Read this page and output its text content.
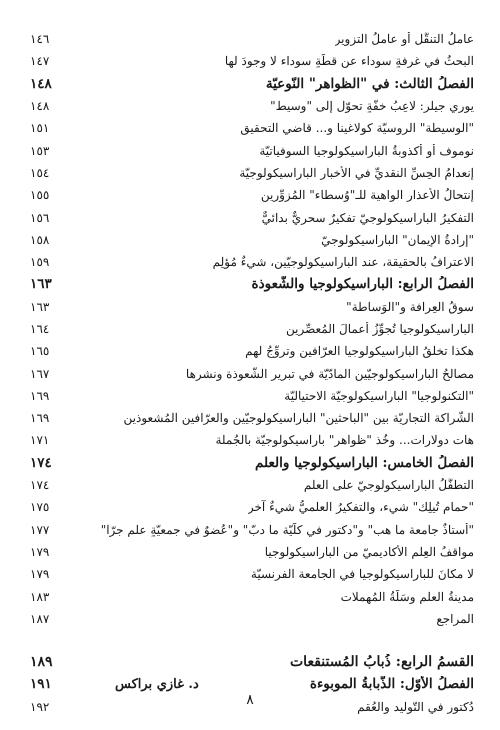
عاملُ التنقُّل أو عاملُ التزوير
١٤٦
البحثُ في غرفةٍ سوداء عن قطّةٍ سوداء لا وجودَ لها
١٤٧
الفصلُ الثالث: في "الظواهر" النّوعيّة
١٤٨
يوري جيلر: لاعِبُ خفّةٍ تحوّل إلى "وسيط"
١٤٨
"الوسيطة" الروسيّة كولاغينا و... قاضي التحقيق
١٥١
نوموف أو أكذوبةُ الباراسيكولوجيا السوفياتيّة
١٥٣
إنعدامُ الحِسِّ النقديِّ في الأخبار الباراسيكولوجيّة
١٥٤
إنتحالُ الأعذارِ الواهية للـ"وُسطاء" المُزوِّرين
١٥٥
التفكيرُ الباراسيكولوجيّ تفكيرٌ سحريٌّ بدائيٌّ
١٥٦
"إرادةُ الإيمان" الباراسيكولوجيّ
١٥٨
الاعترافُ بالحقيقة، عند الباراسيكولوجيّين، شيءٌ مُؤلِم
١٥٩
الفصلُ الرابع: الباراسيكولوجيا والشّعوذة
١٦٣
سوقُ العِرافة و"الوَساطة"
١٦٣
الباراسيكولوجيا تُجوِّزُ أعمالَ المُعصِّرين
١٦٤
هكذا تخلقُ الباراسيكولوجيا العرّافين وتروِّجُ لهم
١٦٥
مصالحُ الباراسيكولوجيّين المادّيّة في تبرير الشّعوذة ونشرها
١٦٧
"التكنولوجيا" الباراسيكولوجيّة الاحتياليّة
١٦٩
الشّراكة التجاريّة بين "الباحثين" الباراسيكولوجيّين والعرّافين المُشعوذين
١٦٩
هات دولارات... وخُذ "ظواهر" باراسيكولوجيّة بالجُملة
١٧١
الفصلُ الخامس: الباراسيكولوجيا والعلم
١٧٤
التطفُّلُ الباراسيكولوجيّ على العلم
١٧٤
"حمام تُيلِك" شيء، والتفكيرُ العلميُّ شيءٌ آخر
١٧٥
"أستاذٌ جامعة ما هب" و"دكتور في كلّيّة ما دبّ" و"عُضوٌ في جمعيّةٍ علمٍ جرّا"
١٧٧
مواقفُ العِلم الأكاديميّ من الباراسيكولوجيا
١٧٩
لا مكانَ للباراسيكولوجيا في الجامعة الفرنسيّة
١٧٩
مدينةُ العلم وسَلّةُ المُهملات
١٨٣
المراجع
١٨٧
القسمُ الرابع: ذُبابُ المُستنقعات
١٨٩
الفصلُ الأوّل: الذّبابةُ الموبوءة
د. غازي براكس
١٩١
دُكتور في التّوليد والعُقم
١٩٢	٨
